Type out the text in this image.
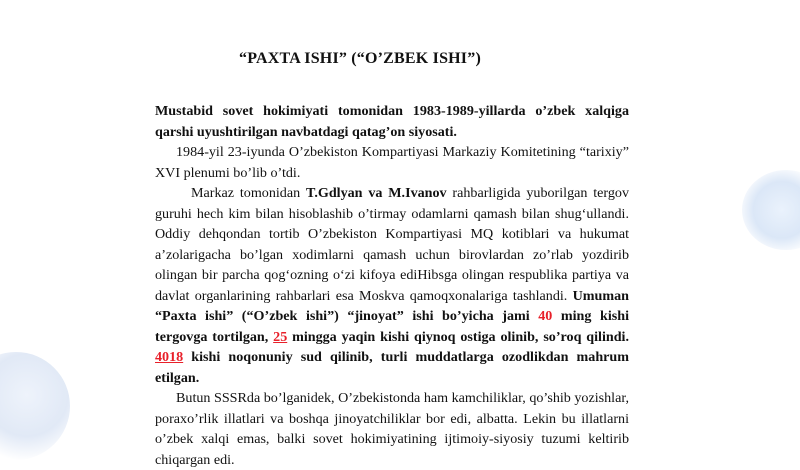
“PAXTA ISHI” (“O’ZBEK ISHI”)

Mustabid sovet hokimiyati tomonidan 1983-1989-yillarda o’zbek xalqiga qarshi uyushtirilgan navbatdagi qatag’on siyosati.

1984-yil 23-iyunda O’zbekiston Kompartiyasi Markaziy Komitetining “tarixiy” XVI plenumi bo’lib o’tdi.

Markaz tomonidan T.Gdlyan va M.Ivanov rahbarligida yuborilgan tergov guruhi hech kim bilan hisoblashib o’tirmay odamlarni qamash bilan shug‘ullandi. Oddiy dehqondan tortib O’zbekiston Kompartiyasi MQ kotiblari va hukumat a’zolarigacha bo’lgan xodimlarni qamash uchun birovlardan zo’rlab yozdirib olingan bir parcha qog‘ozning o‘zi kifoya ediHibsga olingan respublika partiya va davlat organlarining rahbarlari esa Moskva qamoqxonalariga tashlandi. Umuman “Paxta ishi” (“O’zbek ishi”) “jinoyat” ishi bo’yicha jami 40 ming kishi tergovga tortilgan, 25 mingga yaqin kishi qiynoq ostiga olinib, so’roq qilindi. 4018 kishi noqonuniy sud qilinib, turli muddatlarga ozodlikdan mahrum etilgan.

Butun SSSRda bo’lganidek, O’zbekistonda ham kamchiliklar, qo’shib yozishlar, poraxo’rlik illatlari va boshqa jinoyatchiliklar bor edi, albatta. Lekin bu illatlarni o’zbek xalqi emas, balki sovet hokimiyatining ijtimoiy-siyosiy tuzumi keltirib chiqargan edi.
